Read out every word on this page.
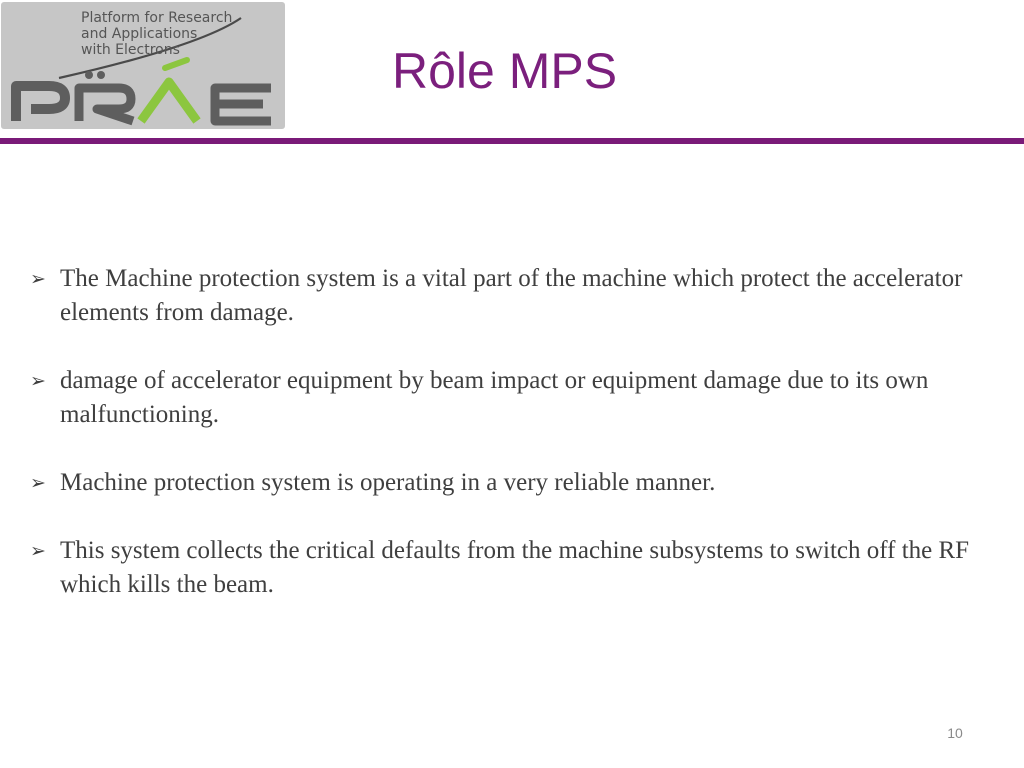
Platform for Research
and Applications
with Electrons	Rôle MPS
➢ The Machine protection system is a vital part of the machine which protect the accelerator elements from damage.
➢ damage of accelerator equipment by beam impact or equipment damage due to its own malfunctioning.
➢ Machine protection system is operating in a very reliable manner.
➢ This system collects the critical defaults from the machine subsystems to switch off the RF which kills the beam.
10
